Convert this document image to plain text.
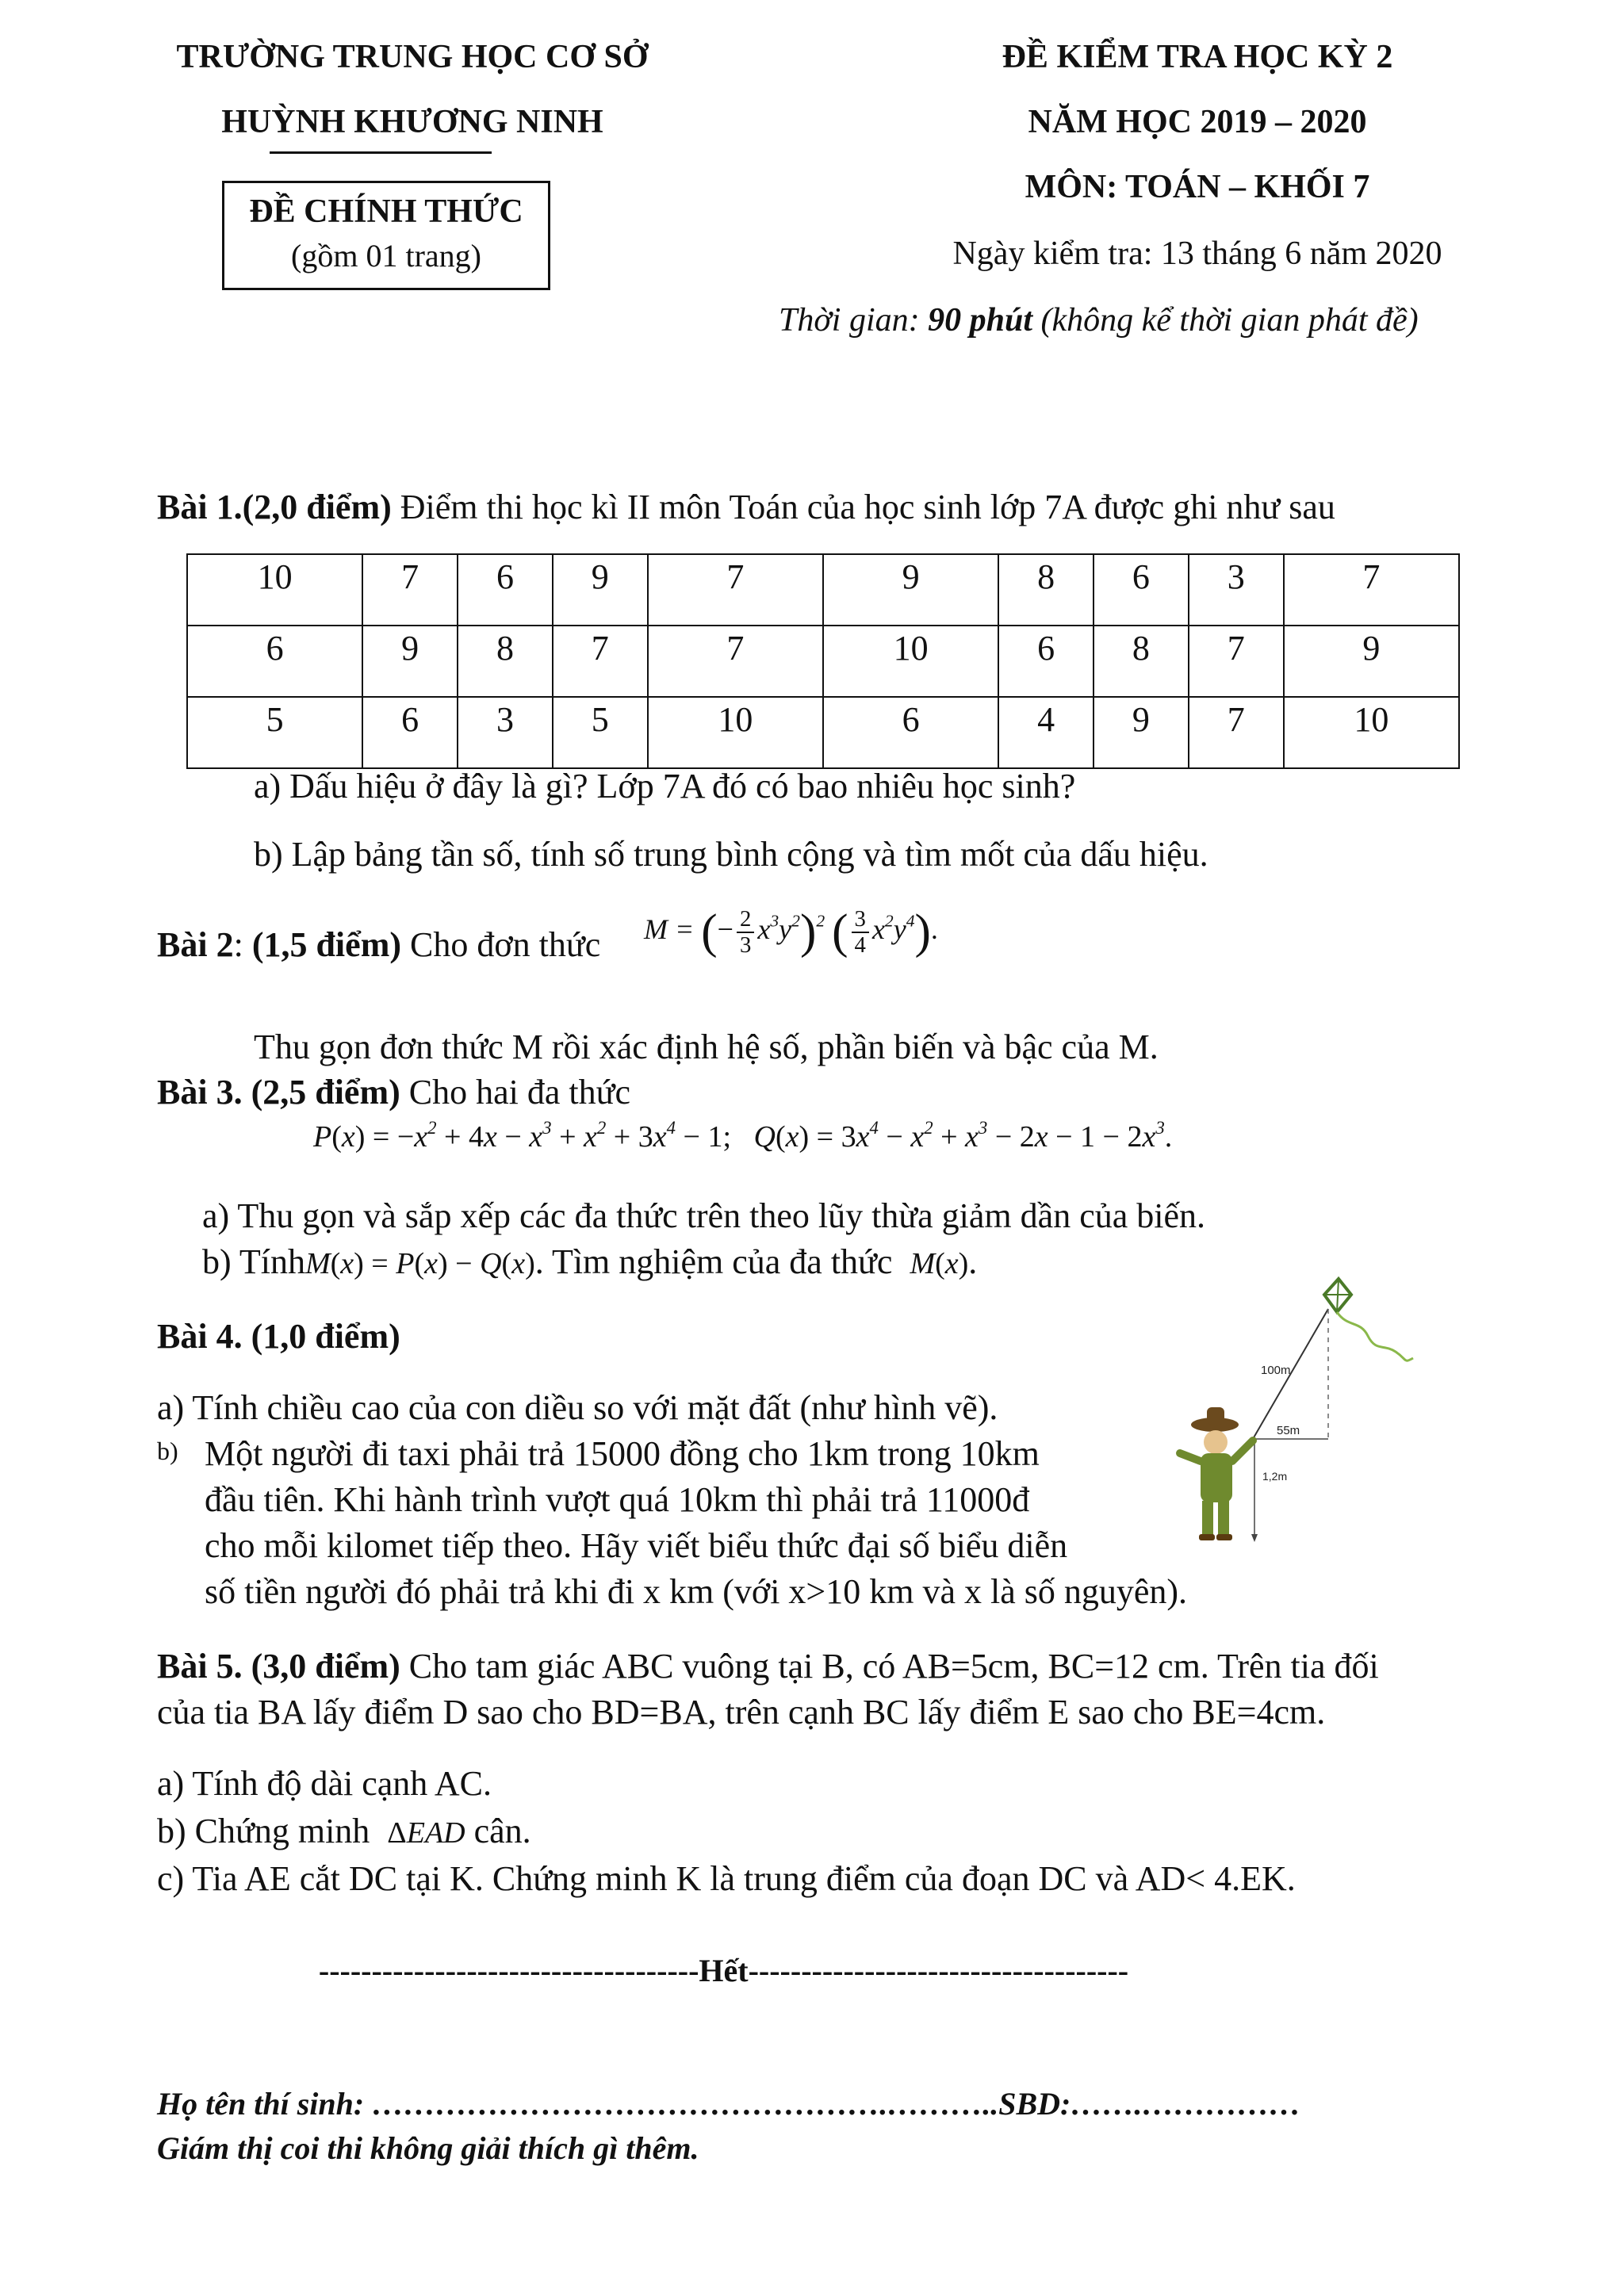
TRƯỜNG TRUNG HỌC CƠ SỞ
HUỲNH KHƯƠNG NINH
ĐỀ CHÍNH THỨC
(gồm 01 trang)
ĐỀ KIỂM TRA HỌC KỲ 2
NĂM HỌC 2019 – 2020
MÔN: TOÁN – KHỐI 7
Ngày kiểm tra: 13 tháng 6 năm 2020
Thời gian: 90 phút (không kể thời gian phát đề)
Bài 1.(2,0 điểm) Điểm thi học kì II môn Toán của học sinh lớp 7A được ghi như sau
10	7	6	9	7	9	8	6	3	7
6	9	8	7	7	10	6	8	7	9
5	6	3	5	10	6	4	9	7	10
a) Dấu hiệu ở đây là gì? Lớp 7A đó có bao nhiêu học sinh?
b) Lập bảng tần số, tính số trung bình cộng và tìm mốt của dấu hiệu.
Bài 2: (1,5 điểm) Cho đơn thức M = (− $\frac{2}{3} x^3y^2)^2$ ( $\frac{3}{4} x^2y^4$).
Thu gọn đơn thức M rồi xác định hệ số, phần biến và bậc của M.
Bài 3. (2,5 điểm) Cho hai đa thức
$P(x) = -x^2 + 4x - x^3 + x^2 + 3x^4 - 1$;   $Q(x) = 3x^4 - x^2 + x^3 - 2x - 1 - 2x^3$.
a) Thu gọn và sắp xếp các đa thức trên theo lũy thừa giảm dần của biến.
b) TínhM(x) = P(x) − Q(x). Tìm nghiệm của đa thức M(x).
Bài 4. (1,0 điểm)
a) Tính chiều cao của con diều so với mặt đất (như hình vẽ).
b) Một người đi taxi phải trả 15000 đồng cho 1km trong 10km
đầu tiên. Khi hành trình vượt quá 10km thì phải trả 11000đ
cho mỗi kilomet tiếp theo. Hãy viết biểu thức đại số biểu diễn
số tiền người đó phải trả khi đi x km (với x>10 km và x là số nguyên).
100m
55m
1,2m
Bài 5. (3,0 điểm) Cho tam giác ABC vuông tại B, có AB=5cm, BC=12 cm. Trên tia đối
của tia BA lấy điểm D sao cho BD=BA, trên cạnh BC lấy điểm E sao cho BE=4cm.
a) Tính độ dài cạnh AC.
b) Chứng minh ΔEAD cân.
c) Tia AE cắt DC tại K. Chứng minh K là trung điểm của đoạn DC và AD< 4.EK.
------------------------------------Hết------------------------------------
Họ tên thí sinh: ………………………………………….………..SBD:…….……………
Giám thị coi thi không giải thích gì thêm.
